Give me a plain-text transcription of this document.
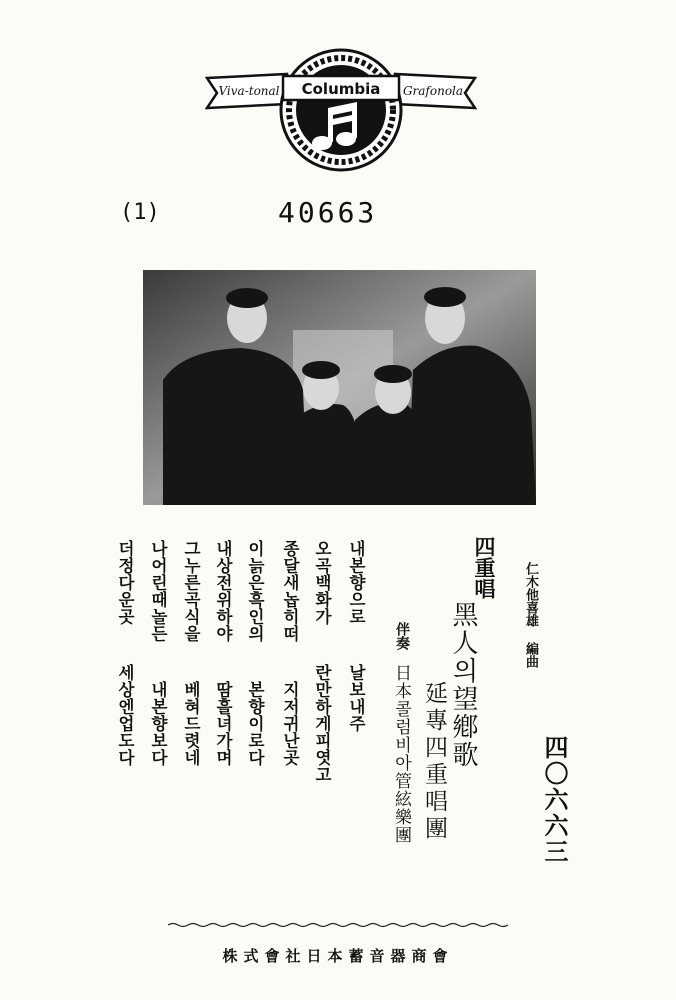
Viva-tonal	Grafonola
Columbia
(1)	40663
仁木他喜雄 編曲
四重唱
黑人의望鄕歌
延專四重唱團
伴奏
日本콜럼비아管絃樂團	四〇六六三
내본향으로  날보내주
오곡백화가  란만하게피엿고
종달새놉히떠  지저귀난곳
이늙은흑인의  본향이로다
내상전위하야  땀흘녀가며
그누른곡식을  베혀드렷네
나어린때놀든  내본향보다
더정다운곳  세상엔업도다
株式會社日本蓄音器商會
